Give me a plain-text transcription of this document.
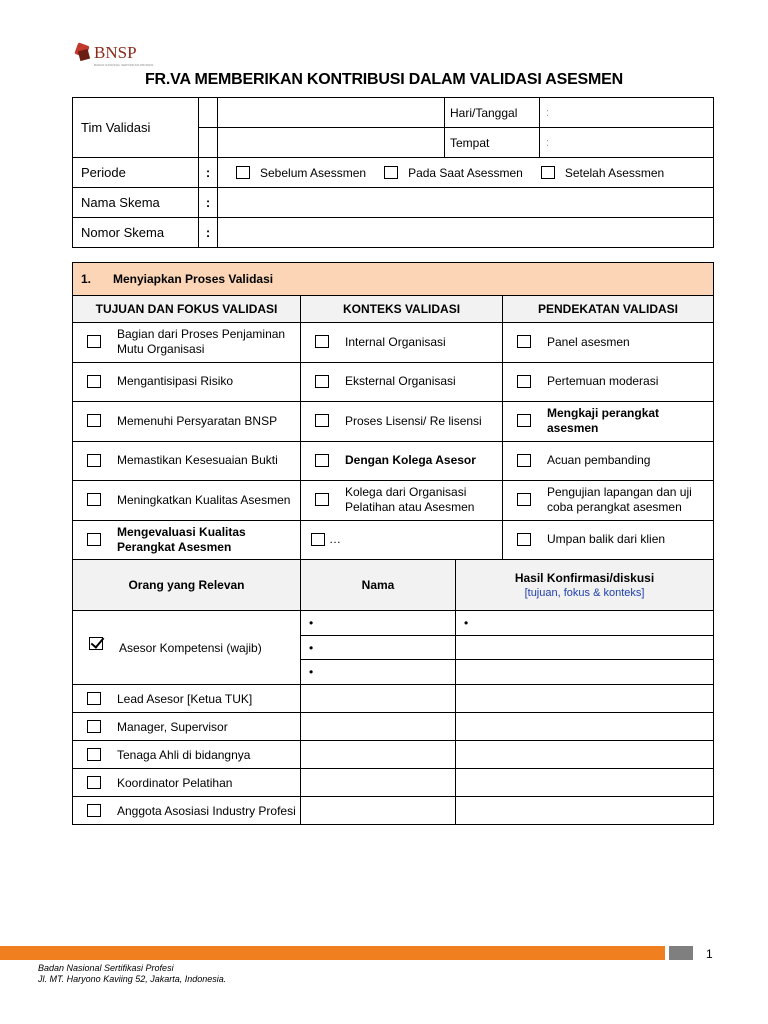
BNSP
BADAN NASIONAL SERTIFIKASI PROFESI
FR.VA MEMBERIKAN KONTRIBUSI DALAM VALIDASI ASESMEN
Tim Validasi			Hari/Tanggal	:
			Tempat	:
Periode	:	Sebelum Asessmen Pada Saat Asessmen Setelah Asessmen		

Nama Skema	:			
Nomor Skema	:			
1. Menyiapkan Proses Validasi			
TUJUAN DAN FOKUS VALIDASI	KONTEKS VALIDASI		PENDEKATAN VALIDASI

Bagian dari Proses Penjaminan Mutu Organisasi	Internal Organisasi		Panel asesmen

Mengantisipasi Risiko	Eksternal Organisasi		Pertemuan moderasi

Memenuhi Persyaratan BNSP	Proses Lisensi/ Re lisensi		Mengkaji perangkat asesmen

Memastikan Kesesuaian Bukti	Dengan Kolega Asesor		Acuan pembanding

Meningkatkan Kualitas Asesmen	Kolega dari Organisasi Pelatihan atau Asesmen		Pengujian lapangan dan uji coba perangkat asesmen

Mengevaluasi Kualitas Perangkat Asesmen	…		Umpan balik dari klien
Orang yang Relevan	Nama	Hasil Konfirmasi/diskusi
[tujuan, fokus & konteks]	

Asesor Kompetensi (wajib)	•	•	
	•		
	•		

Lead Asesor [Ketua TUK]			

Manager, Supervisor			

Tenaga Ahli di bidangnya			

Koordinator Pelatihan			

Anggota Asosiasi Industry Profesi			
1
Badan Nasional Sertifikasi Profesi
Jl. MT. Haryono Kaviing 52, Jakarta, Indonesia.
